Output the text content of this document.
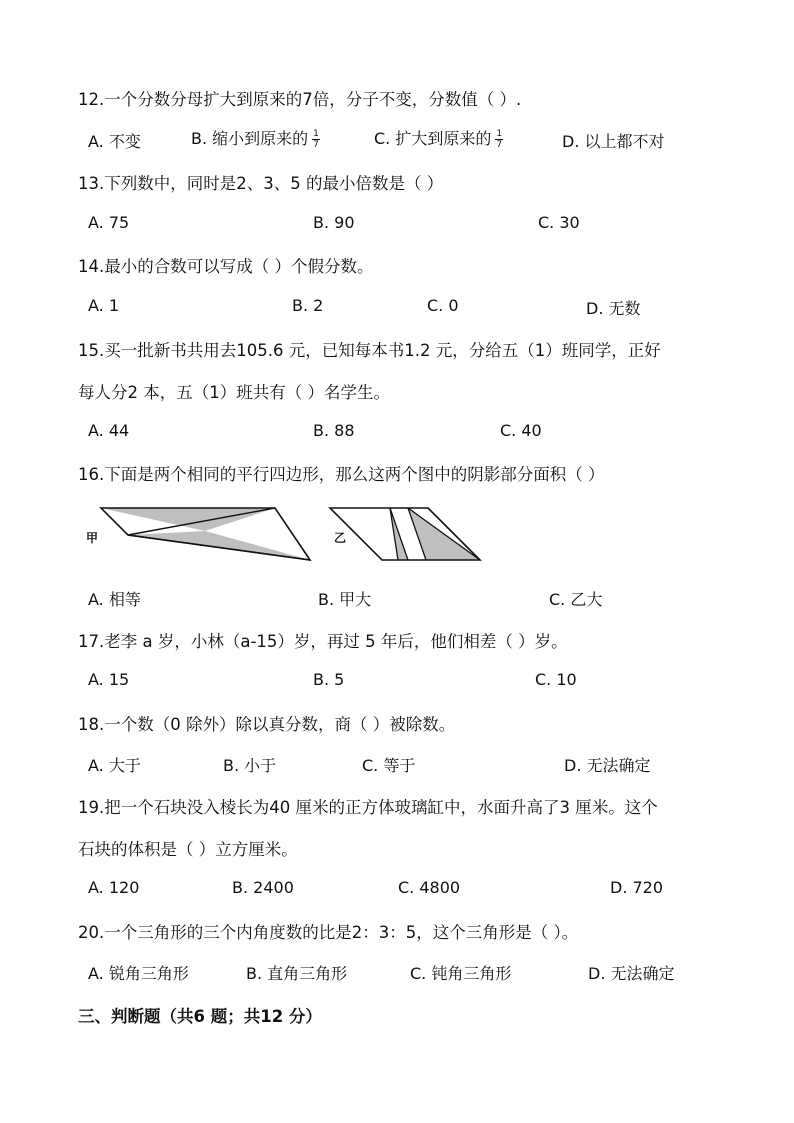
12.一个分数分母扩大到原来的7倍，分子不变，分数值（ ）.
A. 不变	B. 缩小到原来的 $\frac{1}{7}$	C. 扩大到原来的 $\frac{1}{7}$	D. 以上都不对
13.下列数中，同时是2、3、5 的最小倍数是（ ）
A. 75	B. 90	C. 30
14.最小的合数可以写成（ ）个假分数。
A. 1	B. 2	C. 0	D. 无数
15.买一批新书共用去105.6 元，已知每本书1.2 元，分给五（1）班同学，正好
每人分2 本，五（1）班共有（ ）名学生。
A. 44	B. 88	C. 40
16.下面是两个相同的平行四边形，那么这两个图中的阴影部分面积（ ）
甲	乙
A. 相等	B. 甲大	C. 乙大
17.老李 a 岁，小林（a-15）岁，再过 5 年后，他们相差（ ）岁。
A. 15	B. 5	C. 10
18.一个数（0 除外）除以真分数，商（ ）被除数。
A. 大于	B. 小于	C. 等于	D. 无法确定
19.把一个石块没入棱长为40 厘米的正方体玻璃缸中，水面升高了3 厘米。这个
石块的体积是（ ）立方厘米。
A. 120	B. 2400	C. 4800	D. 720
20.一个三角形的三个内角度数的比是2：3：5，这个三角形是（ ）。
A. 锐角三角形	B. 直角三角形	C. 钝角三角形	D. 无法确定
三、判断题（共6 题；共12 分）
